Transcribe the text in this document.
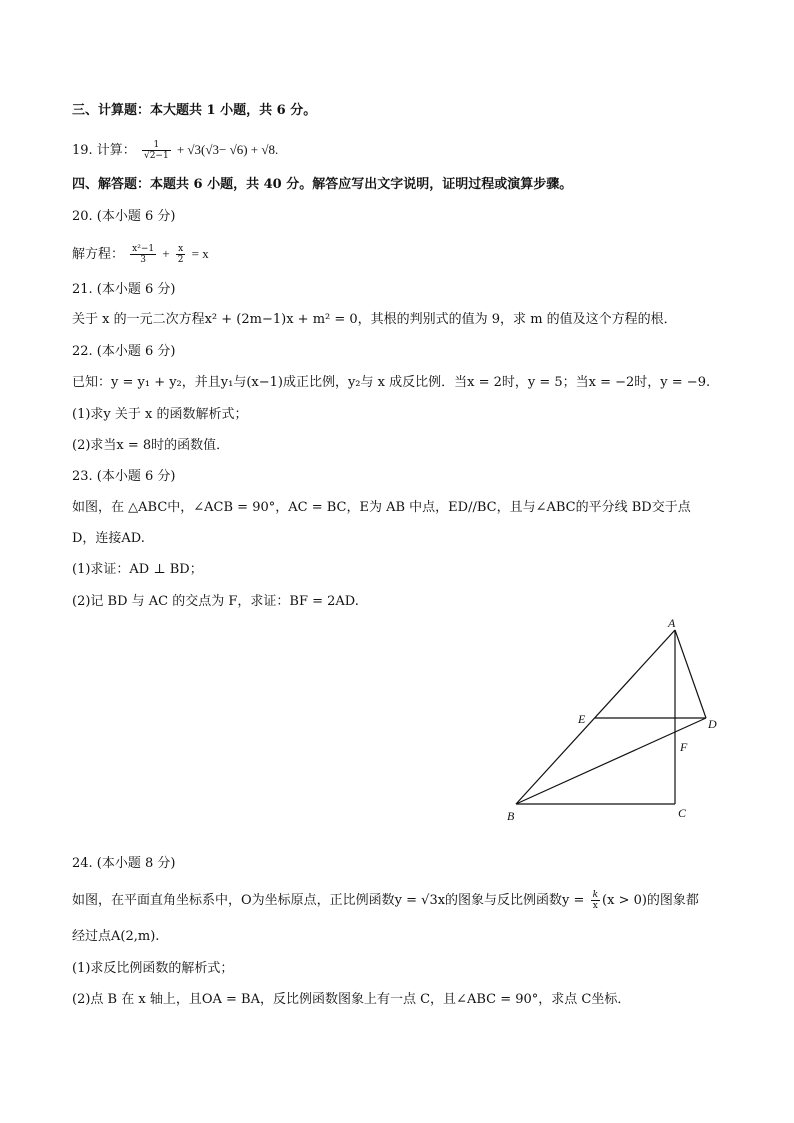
三、计算题：本大题共 1 小题，共 6 分。
19. 计算： $\frac{1}{√2-1} + √3(√3- √6) + √8$.
四、解答题：本题共 6 小题，共 40 分。解答应写出文字说明，证明过程或演算步骤。
20. (本小题 6 分)
解方程： $\frac{\text{x²−1}}{3} + \frac{x}{2} = x$
21. (本小题 6 分)
关于 x 的一元二次方程x² + (2m−1)x + m² = 0，其根的判别式的值为 9，求 m 的值及这个方程的根．
22. (本小题 6 分)
已知：y = y₁ + y₂，并且y₁与(x−1)成正比例，y₂与 x 成反比例．当x = 2时，y = 5；当x = −2时，y = −9.
(1)求y 关于 x 的函数解析式；
(2)求当x = 8时的函数值．
23. (本小题 6 分)
如图，在 △ABC中，∠ACB = 90°，AC = BC，E为 AB 中点，ED//BC，且与∠ABC的平分线 BD交于点
D，连接AD.
(1)求证：AD ⊥ BD；
(2)记 BD 与 AC 的交点为 F，求证：BF = 2AD.
A
B	C
D
E
F
24. (本小题 8 分)
如图，在平面直角坐标系中，O为坐标原点，正比例函数y = √3x的图象与反比例函数$y = \frac{k}{x} (x > 0)$的图象都
经过点A(2,m).
(1)求反比例函数的解析式；
(2)点 B 在 x 轴上，且OA = BA，反比例函数图象上有一点 C，且∠ABC = 90°，求点 C坐标．
